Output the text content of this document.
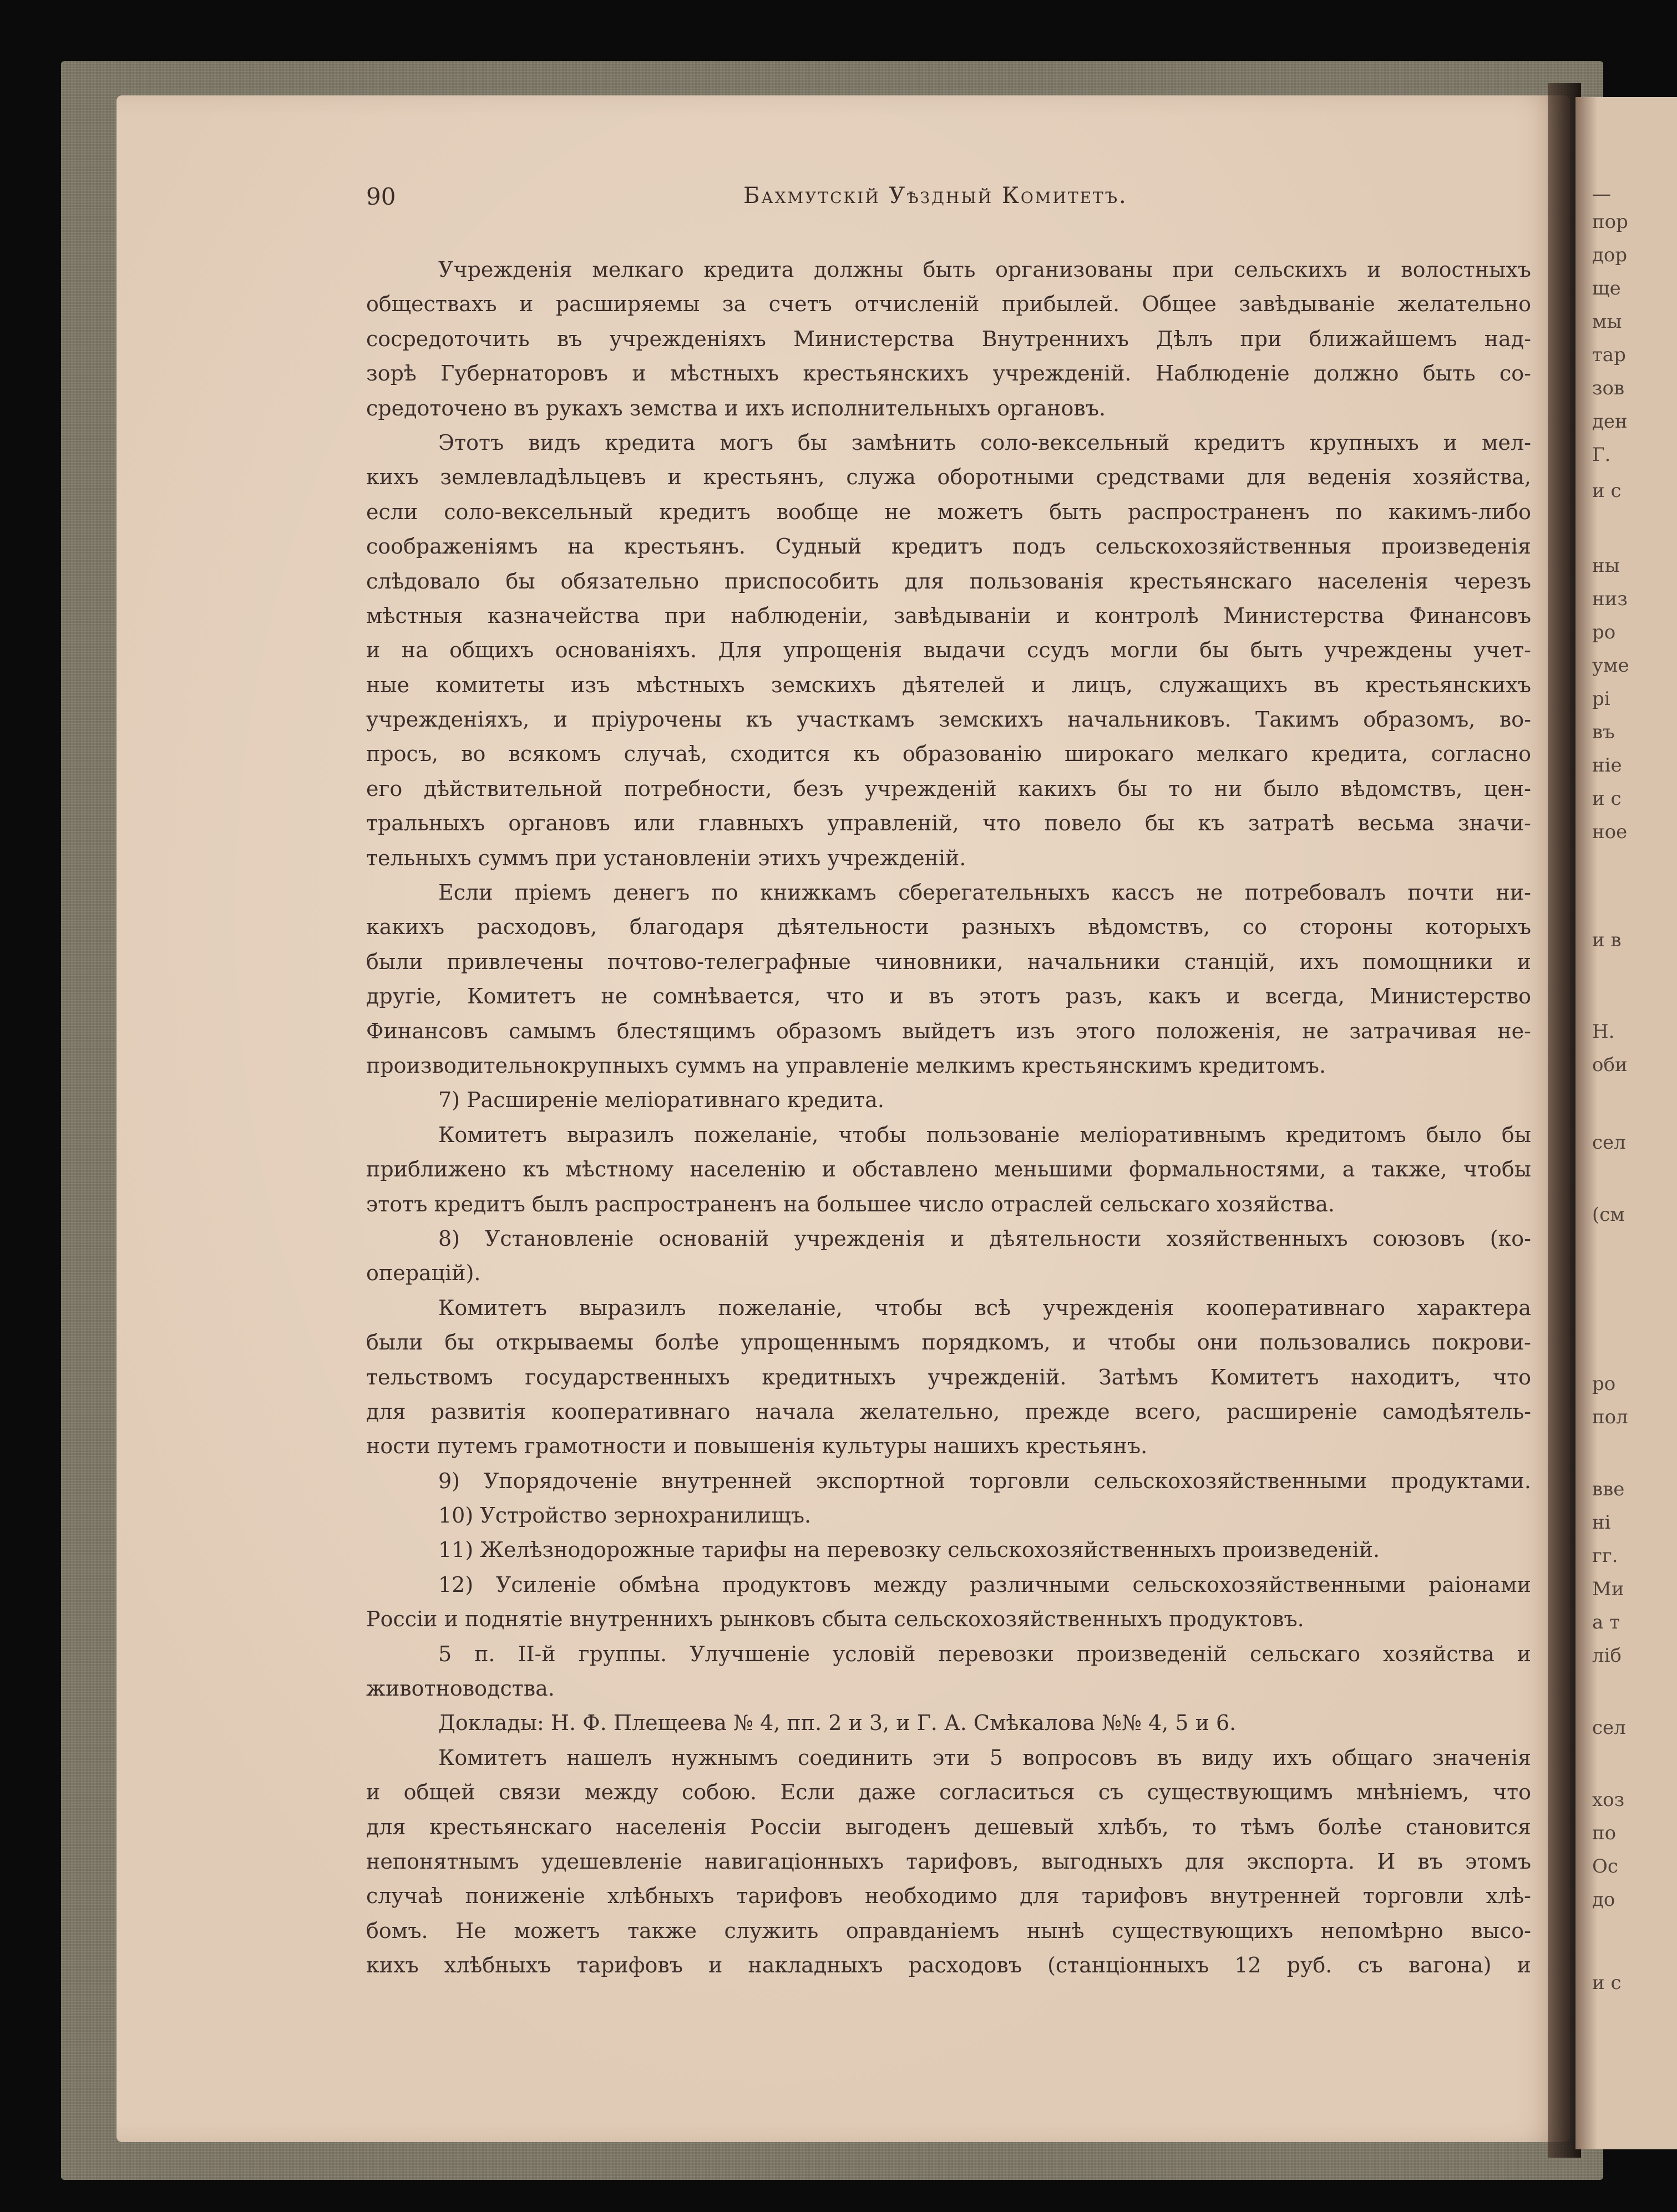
—
пор
дор
ще
мы
тар
зов
ден
Г.
и с
ны
низ
ро
уме
рі
въ
ніе
и с
ное
и в
Н.
оби
сел
(см
ро
пол
вве
ні
гг.
Ми
а т
ліб
сел
хоз
по
Ос
до
и с
90	Бахмутскій Уѣздный Комитетъ.
Учрежденія мелкаго кредита должны быть организованы при сельскихъ и волостныхъ
обществахъ и расширяемы за счетъ отчисленій прибылей. Общее завѣдываніе желательно
сосредоточить въ учрежденіяхъ Министерства Внутреннихъ Дѣлъ при ближайшемъ над-
зорѣ Губернаторовъ и мѣстныхъ крестьянскихъ учрежденій. Наблюденіе должно быть со-
средоточено въ рукахъ земства и ихъ исполнительныхъ органовъ.
Этотъ видъ кредита могъ бы замѣнить соло-вексельный кредитъ крупныхъ и мел-
кихъ землевладѣльцевъ и крестьянъ, служа оборотными средствами для веденія хозяйства,
если соло-вексельный кредитъ вообще не можетъ быть распространенъ по какимъ-либо
соображеніямъ на крестьянъ. Судный кредитъ подъ сельскохозяйственныя произведенія
слѣдовало бы обязательно приспособить для пользованія крестьянскаго населенія черезъ
мѣстныя казначейства при наблюденіи, завѣдываніи и контролѣ Министерства Финансовъ
и на общихъ основаніяхъ. Для упрощенія выдачи ссудъ могли бы быть учреждены учет-
ные комитеты изъ мѣстныхъ земскихъ дѣятелей и лицъ, служащихъ въ крестьянскихъ
учрежденіяхъ, и пріурочены къ участкамъ земскихъ начальниковъ. Такимъ образомъ, во-
просъ, во всякомъ случаѣ, сходится къ образованію широкаго мелкаго кредита, согласно
его дѣйствительной потребности, безъ учрежденій какихъ бы то ни было вѣдомствъ, цен-
тральныхъ органовъ или главныхъ управленій, что повело бы къ затратѣ весьма значи-
тельныхъ суммъ при установленіи этихъ учрежденій.
Если пріемъ денегъ по книжкамъ сберегательныхъ кассъ не потребовалъ почти ни-
какихъ расходовъ, благодаря дѣятельности разныхъ вѣдомствъ, со стороны которыхъ
были привлечены почтово-телеграфные чиновники, начальники станцій, ихъ помощники и
другіе, Комитетъ не сомнѣвается, что и въ этотъ разъ, какъ и всегда, Министерство
Финансовъ самымъ блестящимъ образомъ выйдетъ изъ этого положенія, не затрачивая не-
производительнокрупныхъ суммъ на управленіе мелкимъ крестьянскимъ кредитомъ.
7) Расширеніе меліоративнаго кредита.
Комитетъ выразилъ пожеланіе, чтобы пользованіе меліоративнымъ кредитомъ было бы
приближено къ мѣстному населенію и обставлено меньшими формальностями, а также, чтобы
этотъ кредитъ былъ распространенъ на большее число отраслей сельскаго хозяйства.
8) Установленіе основаній учрежденія и дѣятельности хозяйственныхъ союзовъ (ко-
операцій).
Комитетъ выразилъ пожеланіе, чтобы всѣ учрежденія кооперативнаго характера
были бы открываемы болѣе упрощеннымъ порядкомъ, и чтобы они пользовались покрови-
тельствомъ государственныхъ кредитныхъ учрежденій. Затѣмъ Комитетъ находитъ, что
для развитія кооперативнаго начала желательно, прежде всего, расширеніе самодѣятель-
ности путемъ грамотности и повышенія культуры нашихъ крестьянъ.
9) Упорядоченіе внутренней экспортной торговли сельскохозяйственными продуктами.
10) Устройство зернохранилищъ.
11) Желѣзнодорожные тарифы на перевозку сельскохозяйственныхъ произведеній.
12) Усиленіе обмѣна продуктовъ между различными сельскохозяйственными раіонами
Россіи и поднятіе внутреннихъ рынковъ сбыта сельскохозяйственныхъ продуктовъ.
5 п. II-й группы. Улучшеніе условій перевозки произведеній сельскаго хозяйства и
животноводства.
Доклады: Н. Ф. Плещеева № 4, пп. 2 и 3, и Г. А. Смѣкалова №№ 4, 5 и 6.
Комитетъ нашелъ нужнымъ соединить эти 5 вопросовъ въ виду ихъ общаго значенія
и общей связи между собою. Если даже согласиться съ существующимъ мнѣніемъ, что
для крестьянскаго населенія Россіи выгоденъ дешевый хлѣбъ, то тѣмъ болѣе становится
непонятнымъ удешевленіе навигаціонныхъ тарифовъ, выгодныхъ для экспорта. И въ этомъ
случаѣ пониженіе хлѣбныхъ тарифовъ необходимо для тарифовъ внутренней торговли хлѣ-
бомъ. Не можетъ также служить оправданіемъ нынѣ существующихъ непомѣрно высо-
кихъ хлѣбныхъ тарифовъ и накладныхъ расходовъ (станціонныхъ 12 руб. съ вагона) и
